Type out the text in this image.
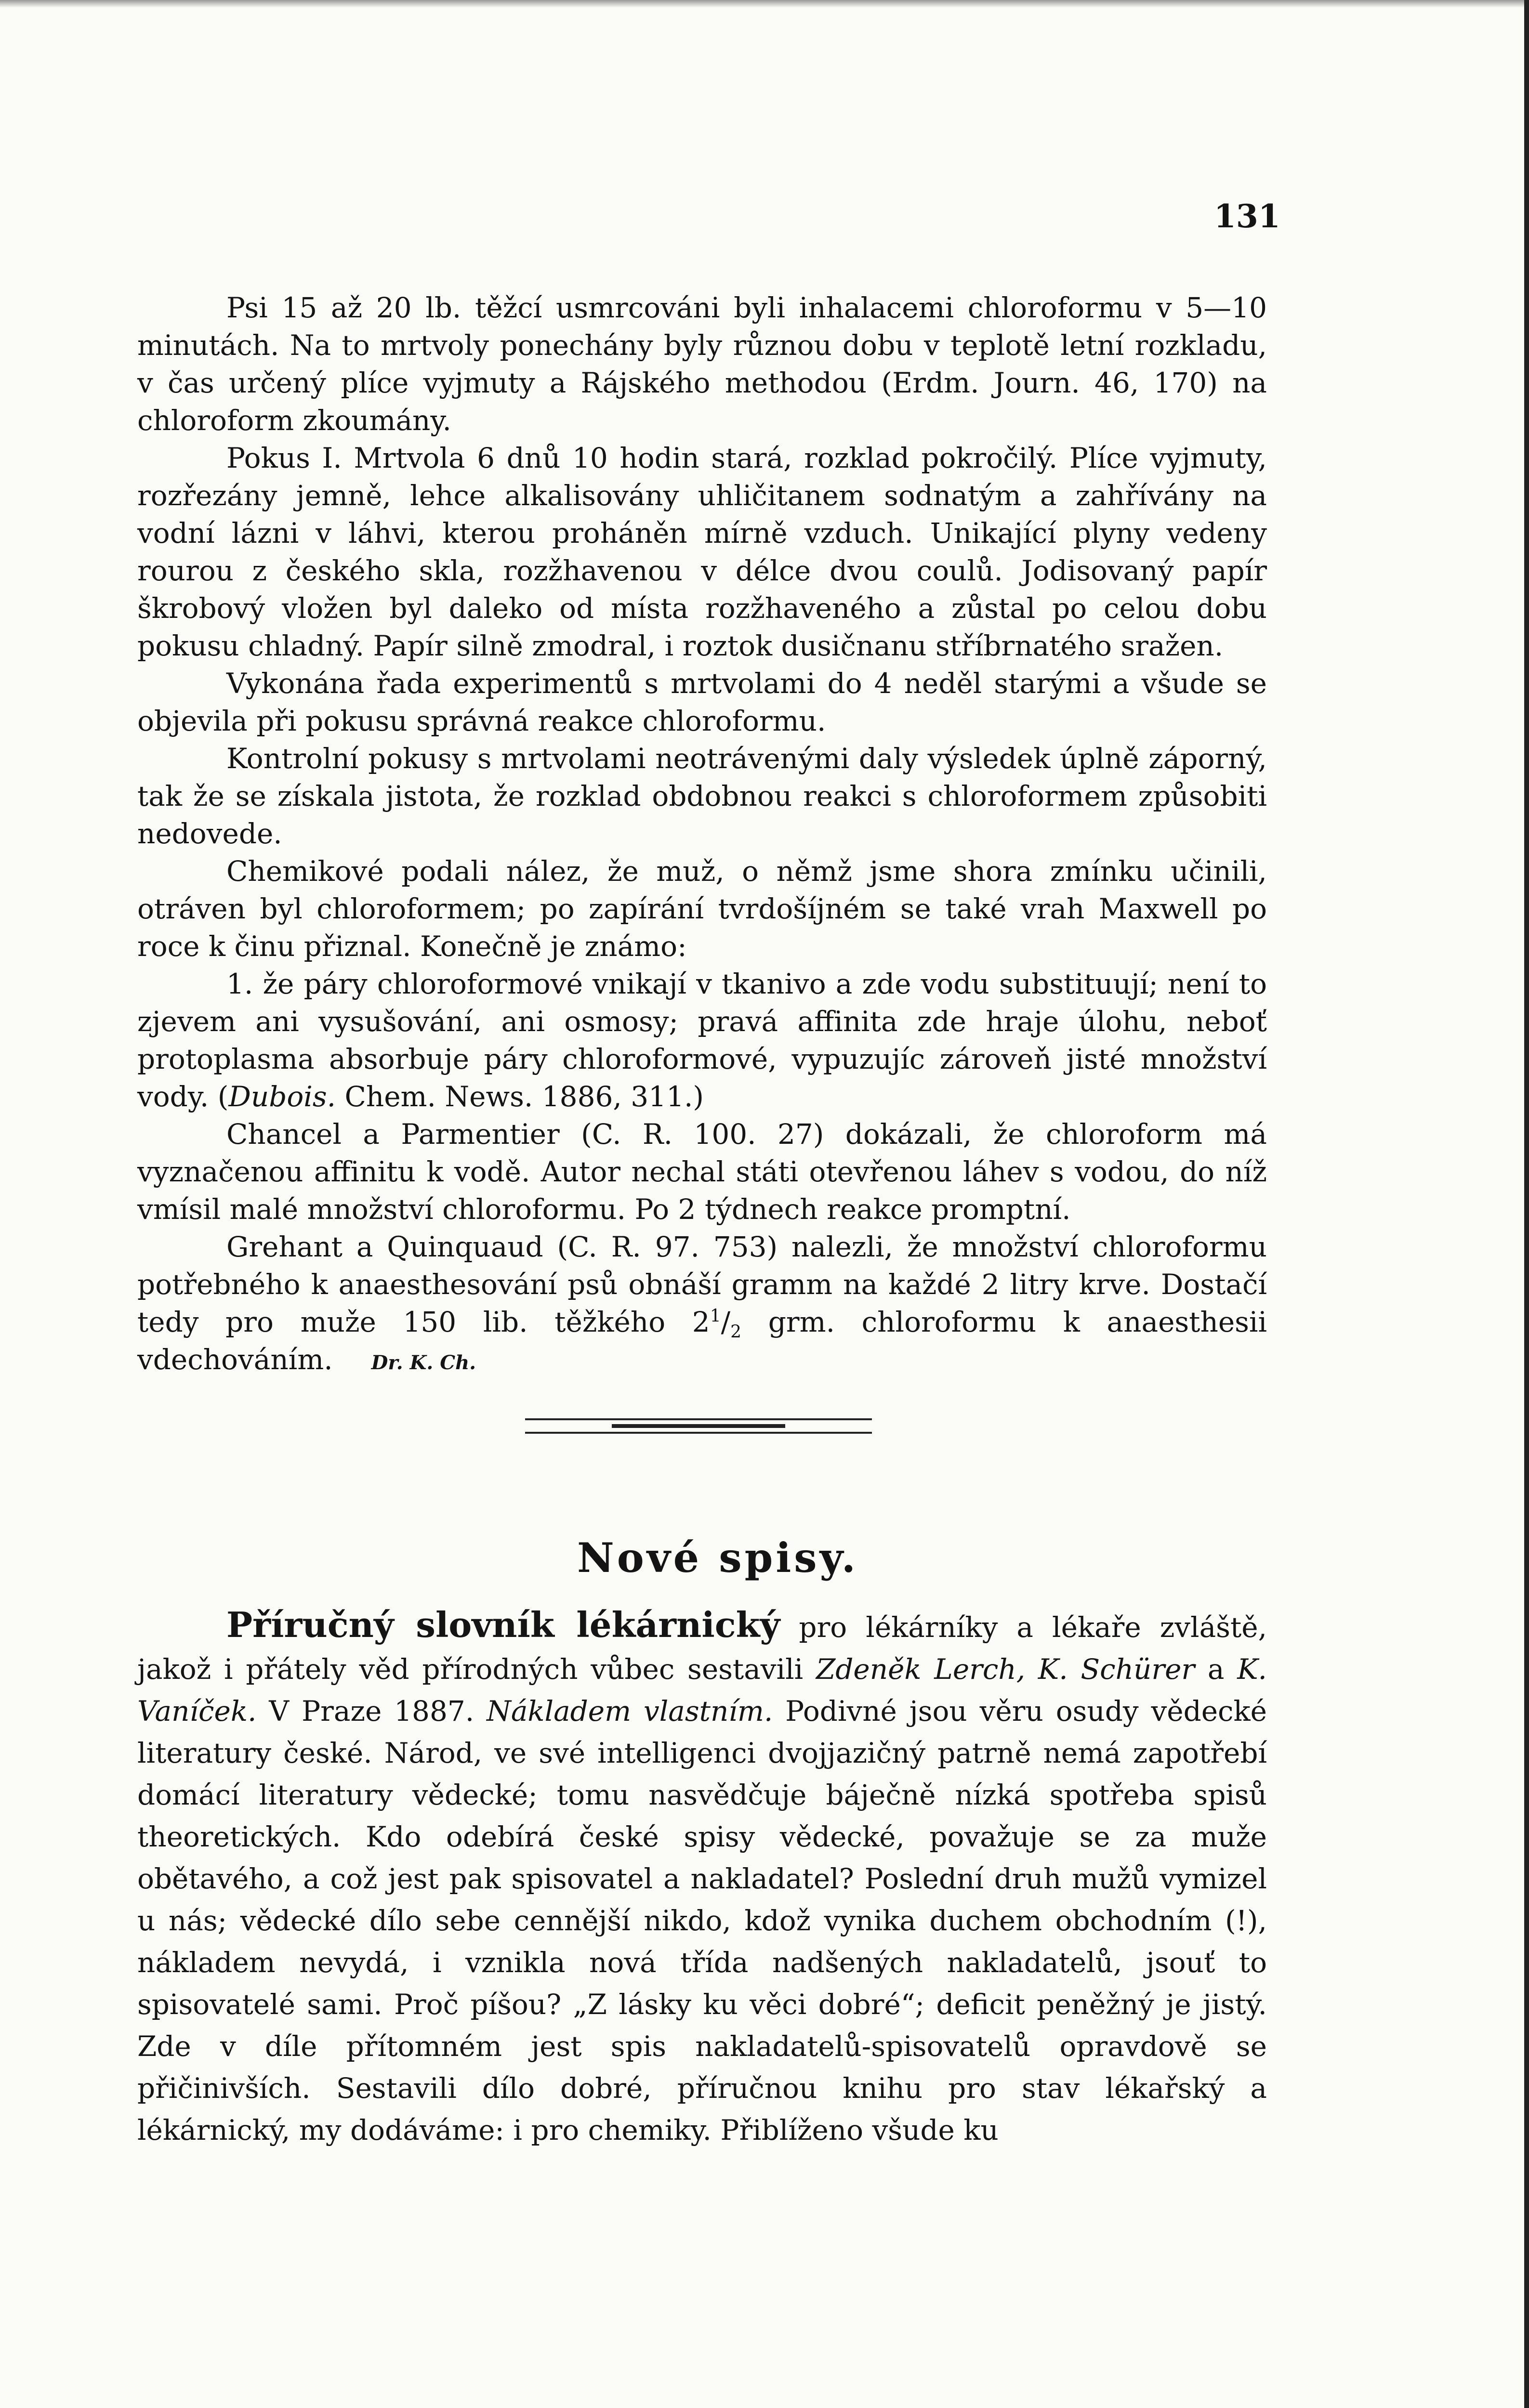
131

Psi 15 až 20 lb. těžcí usmrcováni byli inhalacemi chloroformu v 5—10 minutách. Na to mrtvoly ponechány byly různou dobu v teplotě letní rozkladu, v čas určený plíce vyjmuty a Rájského methodou (Erdm. Journ. 46, 170) na chloroform zkoumány.

Pokus I. Mrtvola 6 dnů 10 hodin stará, rozklad pokročilý. Plíce vyjmuty, rozřezány jemně, lehce alkalisovány uhličitanem sodnatým a zahřívány na vodní lázni v láhvi, kterou proháněn mírně vzduch. Unikající plyny vedeny rourou z českého skla, rozžhavenou v délce dvou coulů. Jodisovaný papír škrobový vložen byl daleko od místa rozžhaveného a zůstal po celou dobu pokusu chladný. Papír silně zmodral, i roztok dusičnanu stříbrnatého sražen.

Vykonána řada experimentů s mrtvolami do 4 neděl starými a všude se objevila při pokusu správná reakce chloroformu.

Kontrolní pokusy s mrtvolami neotrávenými daly výsledek úplně záporný, tak že se získala jistota, že rozklad obdobnou reakci s chloroformem způsobiti nedovede.

Chemikové podali nález, že muž, o němž jsme shora zmínku učinili, otráven byl chloroformem; po zapírání tvrdošíjném se také vrah Maxwell po roce k činu přiznal. Konečně je známo:

1. že páry chloroformové vnikají v tkanivo a zde vodu substituují; není to zjevem ani vysušování, ani osmosy; pravá affinita zde hraje úlohu, neboť protoplasma absorbuje páry chloroformové, vypuzujíc zároveň jisté množství vody. (Dubois. Chem. News. 1886, 311.)

Chancel a Parmentier (C. R. 100. 27) dokázali, že chloroform má vyznačenou affinitu k vodě. Autor nechal státi otevřenou láhev s vodou, do níž vmísil malé množství chloroformu. Po 2 týdnech reakce promptní.

Grehant a Quinquaud (C. R. 97. 753) nalezli, že množství chloroformu potřebného k anaesthesování psů obnáší gramm na každé 2 litry krve. Dostačí tedy pro muže 150 lib. těžkého $2^1/_2$ grm. chloroformu k anaesthesii vdechováním. Dr. K. Ch.

Nové spisy.

Příručný slovník lékárnický pro lékárníky a lékaře zvláště, jakož i přátely věd přírodných vůbec sestavili Zdeněk Lerch, K. Schürer a K. Vaníček. V Praze 1887. Nákladem vlastním. Podivné jsou věru osudy vědecké literatury české. Národ, ve své intelligenci dvojjazičný patrně nemá zapotřebí domácí literatury vědecké; tomu nasvědčuje báječně nízká spotřeba spisů theoretických. Kdo odebírá české spisy vědecké, považuje se za muže obětavého, a což jest pak spisovatel a nakladatel? Poslední druh mužů vymizel u nás; vědecké dílo sebe cennější nikdo, kdož vynika duchem obchodním (!), nákladem nevydá, i vznikla nová třída nadšených nakladatelů, jsouť to spisovatelé sami. Proč píšou? „Z lásky ku věci dobré“; deficit peněžný je jistý. Zde v díle přítomném jest spis nakladatelů-spisovatelů opravdově se přičinivších. Sestavili dílo dobré, příručnou knihu pro stav lékařský a lékárnický, my dodáváme: i pro chemiky. Přiblíženo všude ku
